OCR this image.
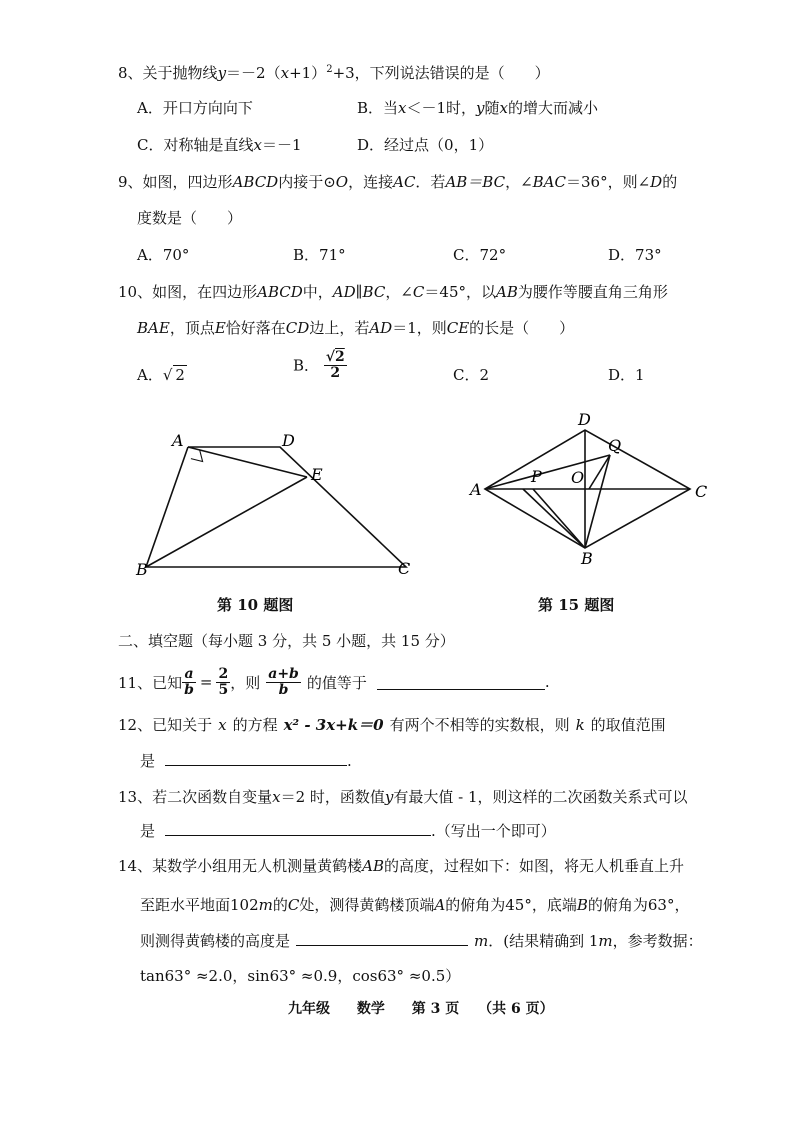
8、关于抛物线$y=-2(x+1)^2+3$，下列说法错误的是（　　）
A．开口方向向下	B．当x＜－1时，y随x的增大而减小
C．对称轴是直线x＝－1	D．经过点（0，1）
9、如图，四边形ABCD内接于⊙O，连接AC．若AB＝BC，∠BAC＝36°，则∠D的
度数是（　　）
A．70°	B．71°	C．72°	D．73°
10、如图，在四边形ABCD中，AD∥BC，∠C＝45°，以AB为腰作等腰直角三角形
BAE，顶点E恰好落在CD边上，若AD＝1，则CE的长是（　　）
A．√ 2
B． $\frac{√2}{2}$	C．2	D．1
A	D
E
B	C
第 10 题图
D
A	C
B
P O
Q
第 15 题图
二、填空题（每小题 3 分，共 5 小题，共 15 分）
11、 已知 $\frac{a}{b} = \frac{2}{5}$ ，则 $\frac{a+b}{b}$ 的值等于	.
12、已知关于 x 的方程 x² - 3x+k＝0 有两个不相等的实数根，则 k 的取值范围
是	.
13、若二次函数自变量x＝2 时，函数值y有最大值 - 1，则这样的二次函数关系式可以
是	.（写出一个即可）
14、某数学小组用无人机测量黄鹤楼AB的高度，过程如下：如图，将无人机垂直上升
至距水平地面102m的C处，测得黄鹤楼顶端A的俯角为45°，底端B的俯角为63°，
则测得黄鹤楼的高度是	m．(结果精确到 1m，参考数据：
tan63° ≈2.0，sin63° ≈0.9，cos63° ≈0.5）
九年级 数学 第 3 页 （共 6 页）
